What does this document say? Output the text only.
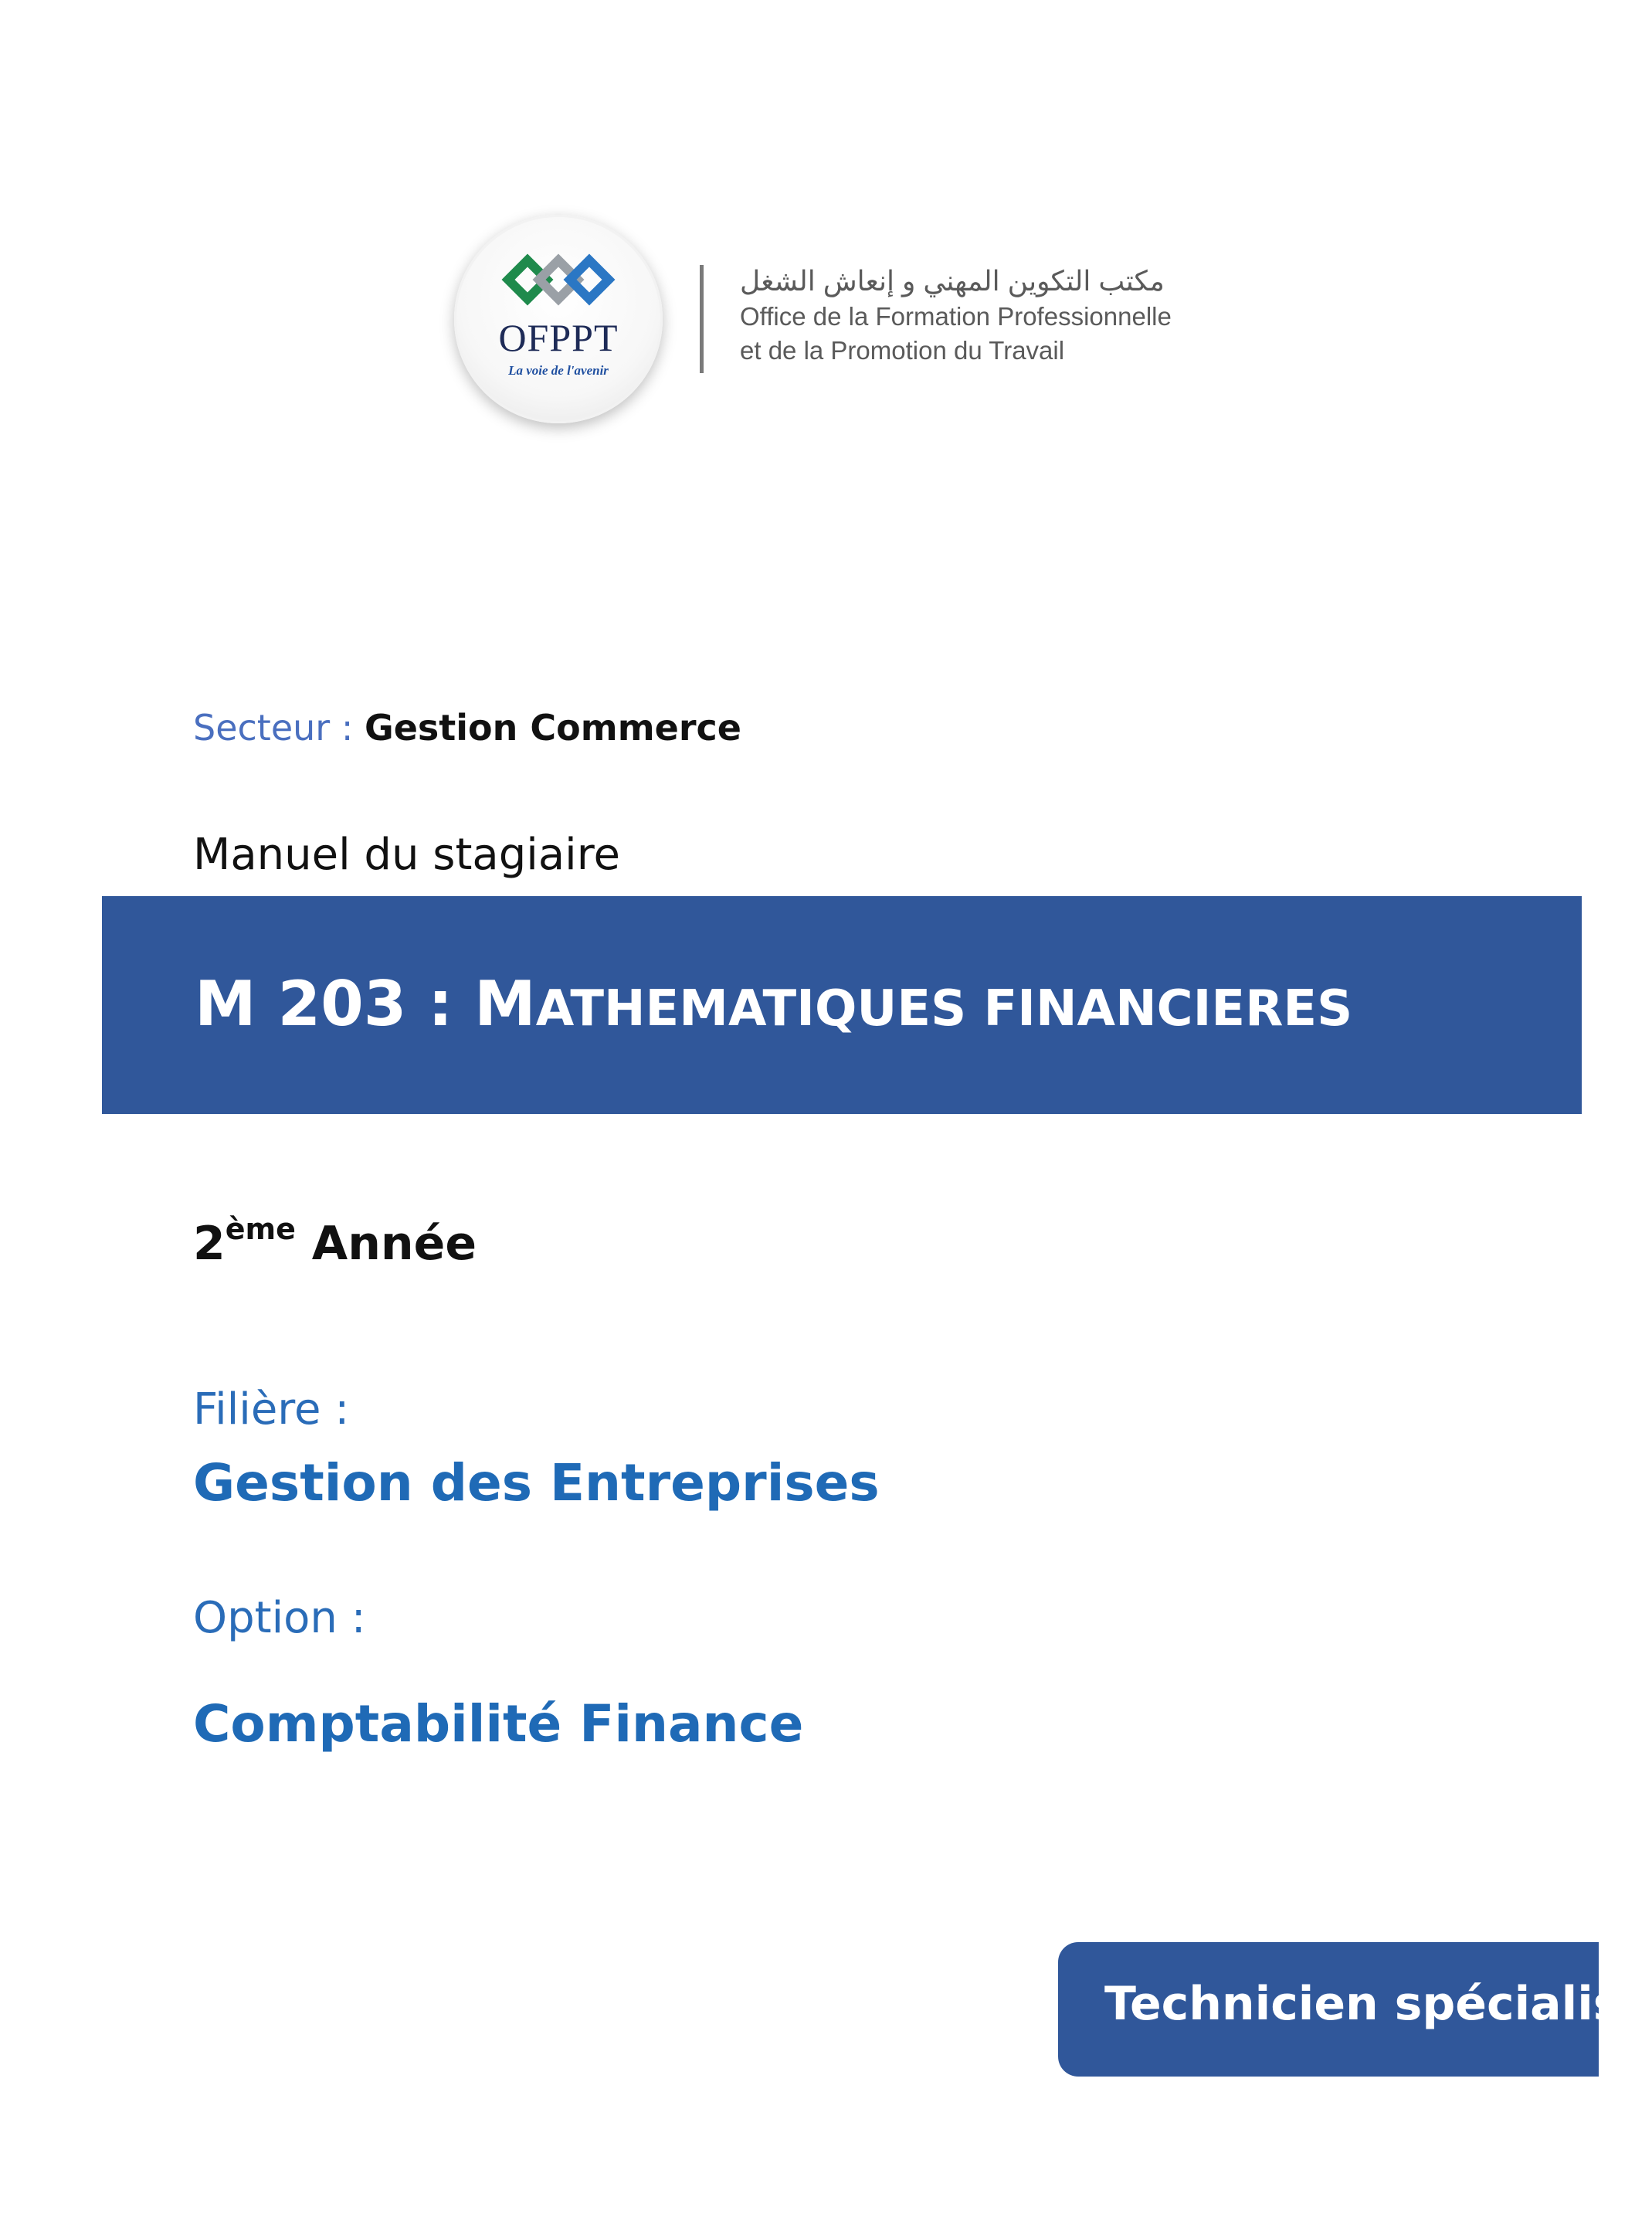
OFPPT
La voie de l'avenir
مكتب التكوين المهني و إنعاش الشغل
Office de la Formation Professionnelle
et de la Promotion du Travail
Secteur : Gestion Commerce
Manuel du stagiaire
M 203 : MATHEMATIQUES FINANCIERES
2ème Année
Filière :
Gestion des Entreprises
Option :
Comptabilité Finance
Technicien spécialisé
